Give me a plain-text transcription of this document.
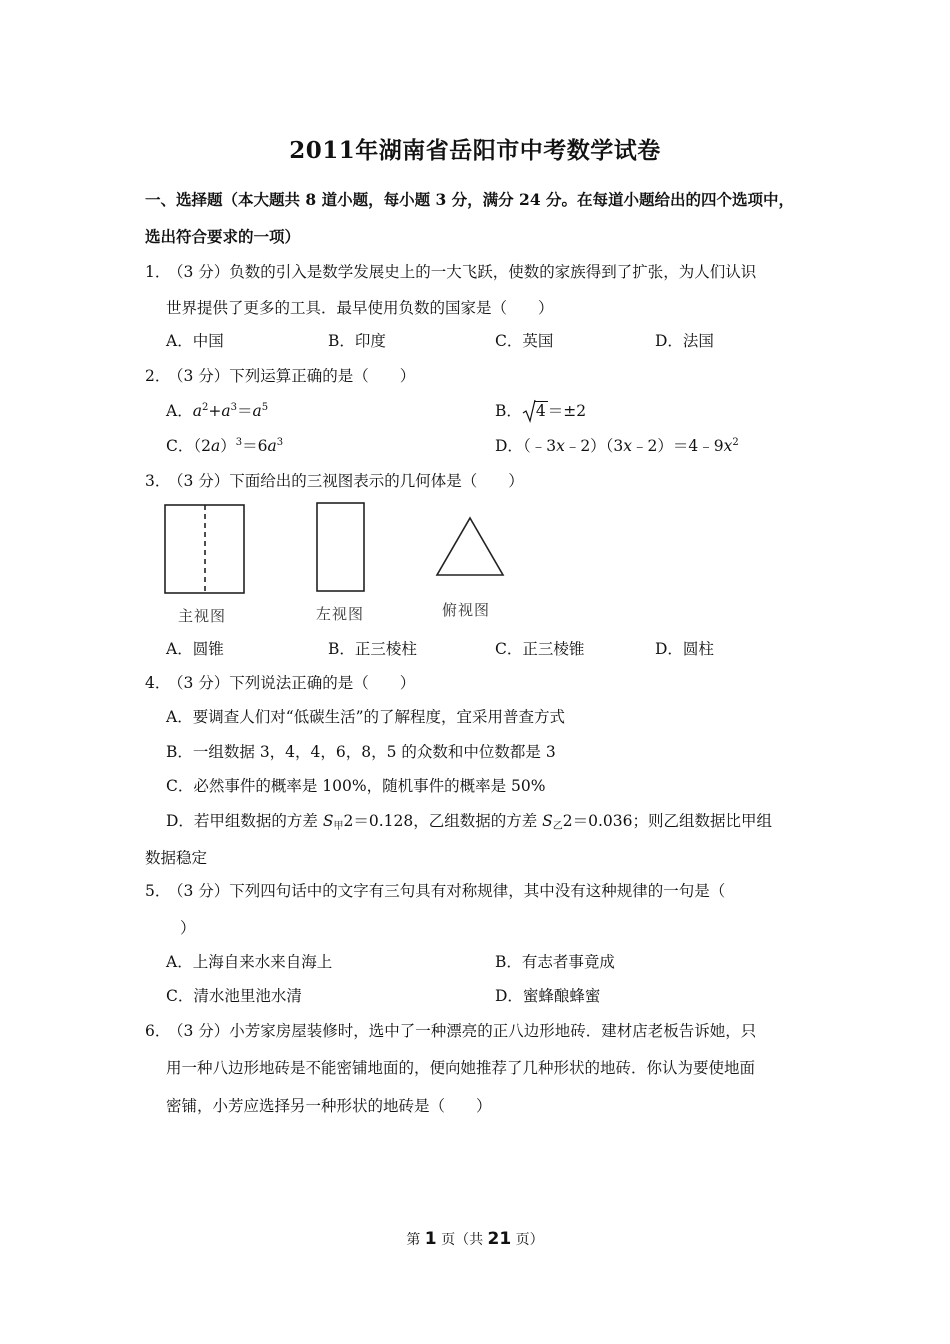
2011年湖南省岳阳市中考数学试卷
一、选择题（本大题共 8 道小题，每小题 3 分，满分 24 分。在每道小题给出的四个选项中，
选出符合要求的一项）
1．
（3 分）负数的引入是数学发展史上的一大飞跃，使数的家族得到了扩张，为人们认识
世界提供了更多的工具．最早使用负数的国家是（　　）
A．中国	B．印度	C．英国	D．法国
2．
（3 分）下列运算正确的是（　　）
A．$a^2+a^3=a^5$	B． 4 ＝±2
C．$(2a)^3=6a^3$	D．$(﹣3x﹣2)(3x﹣2)=4﹣9x^2$
3．
（3 分）下面给出的三视图表示的几何体是（　　）
主视图	左视图	俯视图
A．圆锥	B．正三棱柱	C．正三棱锥	D．圆柱
4．
（3 分）下列说法正确的是（　　）
A．要调查人们对“低碳生活”的了解程度，宜采用普查方式
B．一组数据 3，4，4，6，8，5 的众数和中位数都是 3
C．必然事件的概率是 100%，随机事件的概率是 50%
D．若甲组数据的方差 $S_甲2=0.128$，乙组数据的方差 $S_乙2=0.036$；则乙组数据比甲组
数据稳定
5．
（3 分）下列四句话中的文字有三句具有对称规律，其中没有这种规律的一句是（
）
A．上海自来水来自海上	B．有志者事竟成
C．清水池里池水清	D．蜜蜂酿蜂蜜
6．
（3 分）小芳家房屋装修时，选中了一种漂亮的正八边形地砖．建材店老板告诉她，只
用一种八边形地砖是不能密铺地面的，便向她推荐了几种形状的地砖．你认为要使地面
密铺，小芳应选择另一种形状的地砖是（　　）
第 1 页（共 21 页）
